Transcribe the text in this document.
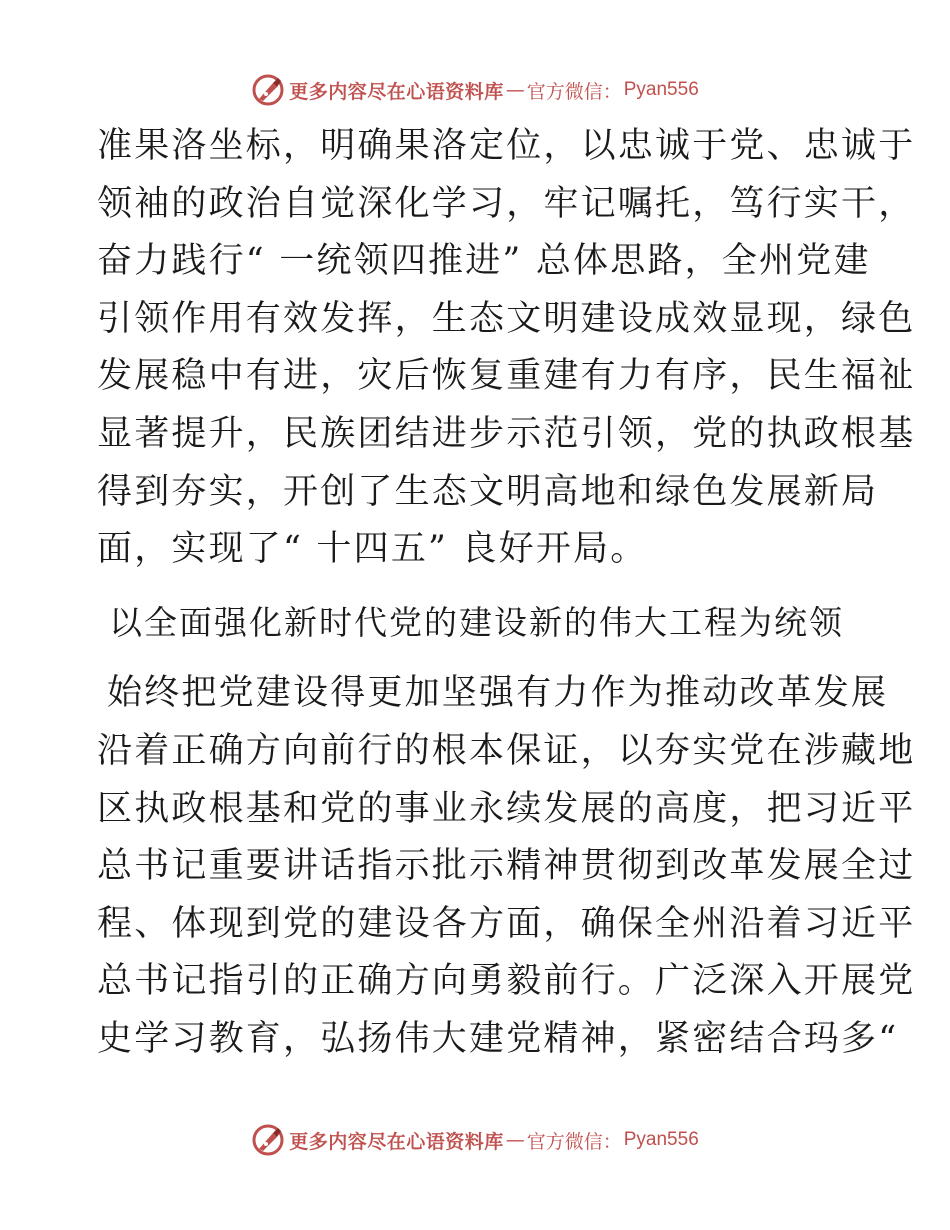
更多内容尽在心语资料库 — 官方微信： Pyan556
准果洛坐标，明确果洛定位，以忠诚于党、忠诚于
领袖的政治自觉深化学习，牢记嘱托，笃行实干，
奋力践行“ 一统领四推进” 总体思路，全州党建
引领作用有效发挥，生态文明建设成效显现，绿色
发展稳中有进，灾后恢复重建有力有序，民生福祉
显著提升，民族团结进步示范引领，党的执政根基
得到夯实，开创了生态文明高地和绿色发展新局
面，实现了“ 十四五” 良好开局。
以全面强化新时代党的建设新的伟大工程为统领
始终把党建设得更加坚强有力作为推动改革发展
沿着正确方向前行的根本保证，以夯实党在涉藏地
区执政根基和党的事业永续发展的高度，把习近平
总书记重要讲话指示批示精神贯彻到改革发展全过
程、体现到党的建设各方面，确保全州沿着习近平
总书记指引的正确方向勇毅前行。广泛深入开展党
史学习教育，弘扬伟大建党精神，紧密结合玛多“
更多内容尽在心语资料库 — 官方微信： Pyan556
